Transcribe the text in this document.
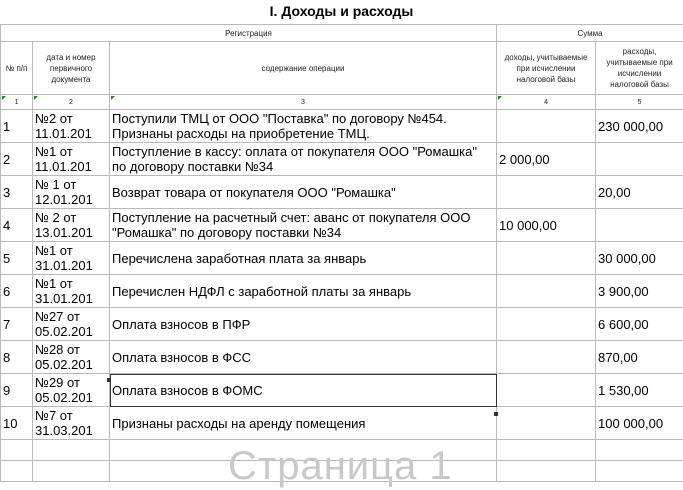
I. Доходы и расходы
Регистрация			Сумма	
№ п/п	дата и номер первичного документа	содержание операции	доходы, учитываемые при исчислении налоговой базы	расходы, учитываемые при исчислении налоговой базы

1	2	3	4	5
1	№2 от 11.01.201	Поступили ТМЦ от ООО "Поставка" по договору №454. Признаны расходы на приобретение ТМЦ.		230 000,00
2	№1 от 11.01.201	Поступление в кассу: оплата от покупателя ООО "Ромашка" по договору поставки №34	2 000,00	
3	№ 1 от 12.01.201	Возврат товара от покупателя ООО "Ромашка"		20,00
4	№ 2 от 13.01.201	Поступление на расчетный счет: аванс от покупателя ООО "Ромашка" по договору поставки №34	10 000,00	
5	№1 от 31.01.201	Перечислена заработная плата за январь		30 000,00
6	№1 от 31.01.201	Перечислен НДФЛ с заработной платы за январь		3 900,00
7	№27 от 05.02.201	Оплата взносов в ПФР		6 600,00
8	№28 от 05.02.201	Оплата взносов в ФСС		870,00
9	№29 от 05.02.201	Оплата взносов в ФОМС		1 530,00
10	№7 от 31.03.201	Признаны расходы на аренду помещения		100 000,00

Страница 1
